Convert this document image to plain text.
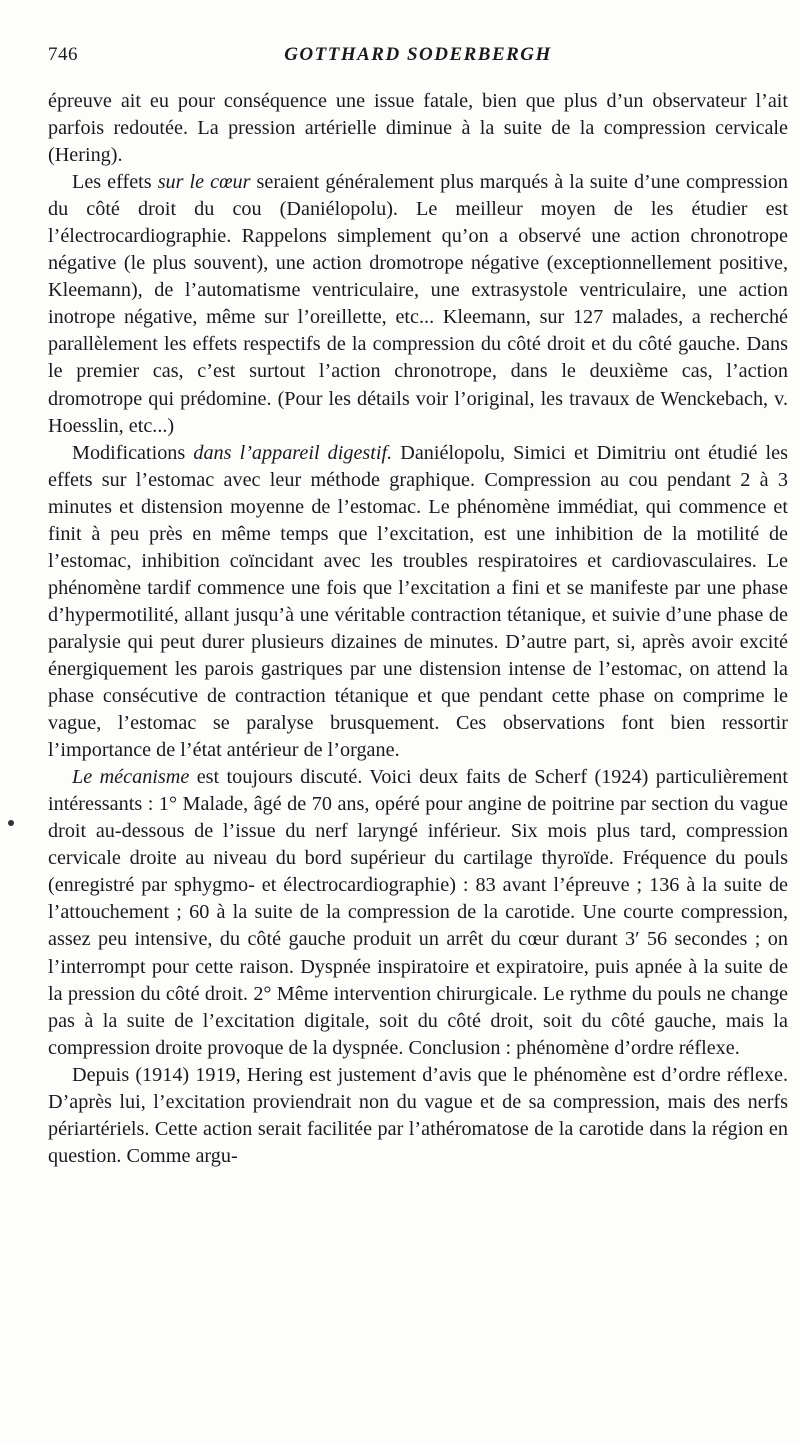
746	GOTTHARD SODERBERGH

épreuve ait eu pour conséquence une issue fatale, bien que plus d’un observateur l’ait parfois redoutée. La pression artérielle diminue à la suite de la compression cervicale (Hering).

Les effets sur le cœur seraient généralement plus marqués à la suite d’une compression du côté droit du cou (Daniélopolu). Le meilleur moyen de les étudier est l’électrocardiographie. Rappelons simplement qu’on a observé une action chronotrope négative (le plus souvent), une action dromotrope négative (exceptionnellement positive, Kleemann), de l’automatisme ventriculaire, une extrasystole ventriculaire, une action inotrope négative, même sur l’oreillette, etc... Kleemann, sur 127 malades, a recherché parallèlement les effets respectifs de la compression du côté droit et du côté gauche. Dans le premier cas, c’est surtout l’action chronotrope, dans le deuxième cas, l’action dromotrope qui prédomine. (Pour les détails voir l’original, les travaux de Wenckebach, v. Hoesslin, etc...)

Modifications dans l’appareil digestif. Daniélopolu, Simici et Dimitriu ont étudié les effets sur l’estomac avec leur méthode graphique. Compression au cou pendant 2 à 3 minutes et distension moyenne de l’estomac. Le phénomène immédiat, qui commence et finit à peu près en même temps que l’excitation, est une inhibition de la motilité de l’estomac, inhibition coïncidant avec les troubles respiratoires et cardiovasculaires. Le phénomène tardif commence une fois que l’excitation a fini et se manifeste par une phase d’hypermotilité, allant jusqu’à une véritable contraction tétanique, et suivie d’une phase de paralysie qui peut durer plusieurs dizaines de minutes. D’autre part, si, après avoir excité énergiquement les parois gastriques par une distension intense de l’estomac, on attend la phase consécutive de contraction tétanique et que pendant cette phase on comprime le vague, l’estomac se paralyse brusquement. Ces observations font bien ressortir l’importance de l’état antérieur de l’organe.

Le mécanisme est toujours discuté. Voici deux faits de Scherf (1924) particulièrement intéressants : 1° Malade, âgé de 70 ans, opéré pour angine de poitrine par section du vague droit au-dessous de l’issue du nerf laryngé inférieur. Six mois plus tard, compression cervicale droite au niveau du bord supérieur du cartilage thyroïde. Fréquence du pouls (enregistré par sphygmo- et électrocardiographie) : 83 avant l’épreuve ; 136 à la suite de l’attouchement ; 60 à la suite de la compression de la carotide. Une courte compression, assez peu intensive, du côté gauche produit un arrêt du cœur durant 3′ 56 secondes ; on l’interrompt pour cette raison. Dyspnée inspiratoire et expiratoire, puis apnée à la suite de la pression du côté droit. 2° Même intervention chirurgicale. Le rythme du pouls ne change pas à la suite de l’excitation digitale, soit du côté droit, soit du côté gauche, mais la compression droite provoque de la dyspnée. Conclusion : phénomène d’ordre réflexe.

Depuis (1914) 1919, Hering est justement d’avis que le phénomène est d’ordre réflexe. D’après lui, l’excitation proviendrait non du vague et de sa compression, mais des nerfs périartériels. Cette action serait facilitée par l’athéromatose de la carotide dans la région en question. Comme argu-
